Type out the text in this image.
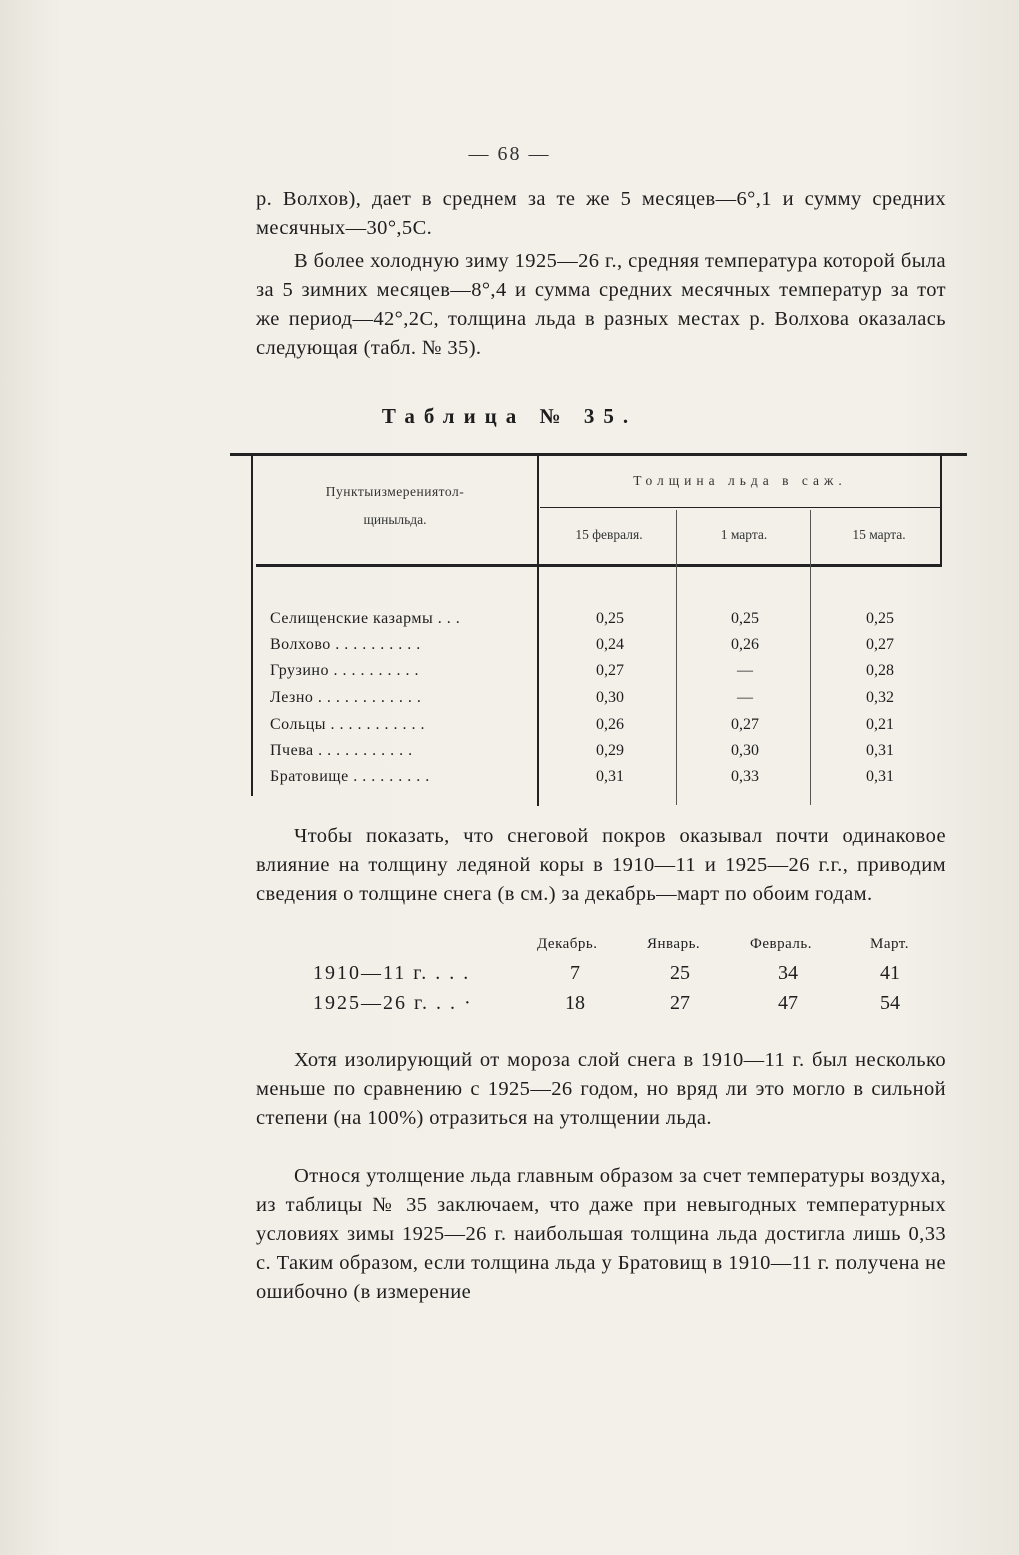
— 68 —

р. Волхов), дает в среднем за те же 5 месяцев—6°,1 и сумму средних месячных—30°,5С.

В более холодную зиму 1925—26 г., средняя температура которой была за 5 зимних месяцев—8°,4 и сумма средних месячных температур за тот же период—42°,2С, толщина льда в разных местах р. Волхова оказалась следующая (табл. № 35).

Таблица № 35.
Пунктыизмерениятол-
щиныльда.
Толщина льда в саж.
15 февраля.	1 марта.	15 марта.
Селищенские казармы . . .	0,25	0,25	0,25
Волхово . . . . . . . . . .	0,24	0,26	0,27
Грузино . . . . . . . . . .	0,27	—	0,28
Лезно . . . . . . . . . . . .	0,30	—	0,32
Сольцы . . . . . . . . . . .	0,26	0,27	0,21
Пчева . . . . . . . . . . .	0,29	0,30	0,31
Братовище . . . . . . . . .	0,31	0,33	0,31

Чтобы показать, что снеговой покров оказывал почти одинаковое влияние на толщину ледяной коры в 1910—11 и 1925—26 г.г., приводим сведения о толщине снега (в см.) за декабрь—март по обоим годам.

Декабрь.	Январь.	Февраль.	Март.
1910—11 г. . . .	7	25	34	41
1925—26 г. . . ·	18	27	47	54

Хотя изолирующий от мороза слой снега в 1910—11 г. был несколько меньше по сравнению с 1925—26 годом, но вряд ли это могло в сильной степени (на 100%) отразиться на утолщении льда.

Относя утолщение льда главным образом за счет температуры воздуха, из таблицы № 35 заключаем, что даже при невыгодных температурных условиях зимы 1925—26 г. наибольшая толщина льда достигла лишь 0,33 с. Таким образом, если толщина льда у Братовищ в 1910—11 г. получена не ошибочно (в измерение
